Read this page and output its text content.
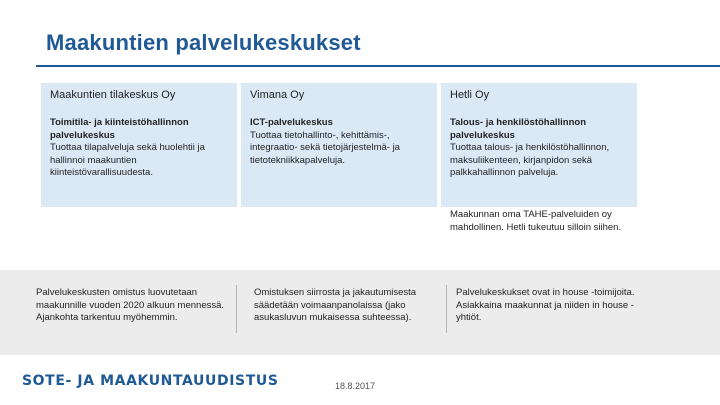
Maakuntien palvelukeskukset
Maakuntien tilakeskus Oy
Toimitila- ja kiinteistöhallinnon palvelukeskus
Tuottaa tilapalveluja sekä huolehtii ja hallinnoi maakuntien kiinteistövarallisuudesta.
Vimana Oy
ICT-palvelukeskus
Tuottaa tietohallinto-, kehittämis-, integraatio- sekä tietojärjestelmä- ja tietotekniikkapalveluja.
Hetli Oy
Talous- ja henkilöstöhallinnon palvelukeskus
Tuottaa talous- ja henkilöstöhallinnon, maksuliikenteen, kirjanpidon sekä palkkahallinnon palveluja.
Maakunnan oma TAHE-palveluiden oy mahdollinen. Hetli tukeutuu silloin siihen.
Palvelukeskusten omistus luovutetaan maakunnille vuoden 2020 alkuun mennessä. Ajankohta tarkentuu myöhemmin.
Omistuksen siirrosta ja jakautumisesta säädetään voimaanpanolaissa (jako asukasluvun mukaisessa suhteessa).
Palvelukeskukset ovat in house -toimijoita. Asiakkaina maakunnat ja niiden in house -yhtiöt.
SOTE- JA MAAKUNTAUUDISTUS	18.8.2017
